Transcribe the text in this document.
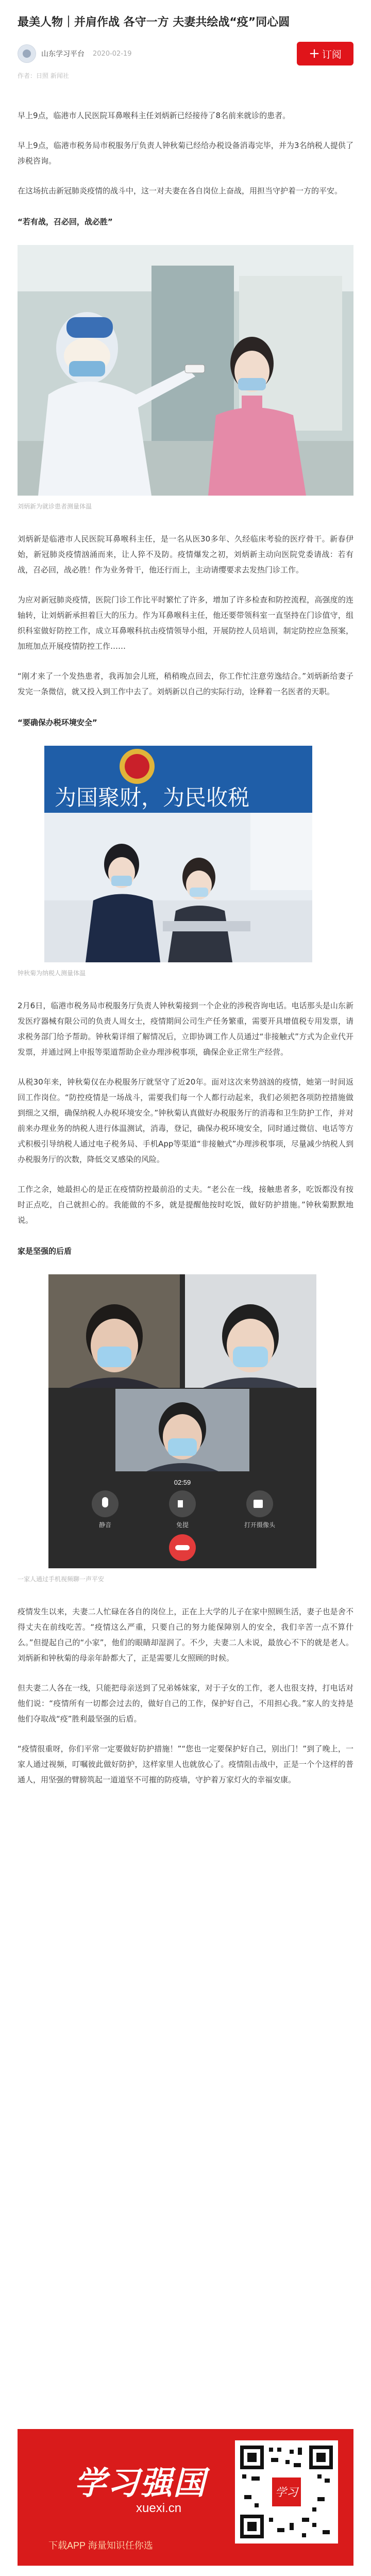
最美人物｜并肩作战 各守一方 夫妻共绘战“疫”同心圆
山东学习平台 2020-02-19	+ 订阅
作者：日照 新闻社

早上9点，临港市人民医院耳鼻喉科主任刘炳新已经接待了8名前来就诊的患者。

早上9点，临港市税务局市税服务厅负责人钟秋菊已经给办税设备消毒完毕，并为3名纳税人提供了涉税咨询。

在这场抗击新冠肺炎疫情的战斗中，这一对夫妻在各自岗位上奋战，用担当守护着一方的平安。

“若有战，召必回，战必胜”
刘炳新为就诊患者测量体温

刘炳新是临港市人民医院耳鼻喉科主任，是一名从医30多年、久经临床考验的医疗骨干。新春伊始，新冠肺炎疫情汹涌而来，让人猝不及防。疫情爆发之初，刘炳新主动向医院党委请战：若有战，召必回，战必胜！作为业务骨干，他还行而上，主动请缨要求去发热门诊工作。

为应对新冠肺炎疫情，医院门诊工作比平时繁忙了许多，增加了许多检查和防控流程，高强度的连轴转，让刘炳新承担着巨大的压力。作为耳鼻喉科主任，他还要带领科室一直坚持在门诊值守，组织科室做好防控工作，成立耳鼻喉科抗击疫情领导小组，开展防控人员培训，制定防控应急预案，加班加点开展疫情防控工作……

“刚才来了一个发热患者，我再加会儿班，稍稍晚点回去，你工作忙注意劳逸结合。”刘炳新给妻子发完一条微信，就又投入到工作中去了。刘炳新以自己的实际行动，诠释着一名医者的天职。

“要确保办税环境安全”
为国聚财，为民收税
钟秋菊为纳税人测量体温

2月6日，临港市税务局市税服务厅负责人钟秋菊接到一个企业的涉税咨询电话。电话那头是山东新发医疗器械有限公司的负责人周女士，疫情期间公司生产任务繁重，需要开具增值税专用发票，请求税务部门给予帮助。钟秋菊详细了解情况后，立即协调工作人员通过“非接触式”方式为企业代开发票，并通过网上申报等渠道帮助企业办理涉税事项，确保企业正常生产经营。

从税30年来，钟秋菊仅在办税服务厅就坚守了近20年。面对这次来势汹汹的疫情，她第一时间返回工作岗位。“防控疫情是一场战斗，需要我们每一个人都行动起来，我们必须把各项防控措施做到细之又细，确保纳税人办税环境安全。”钟秋菊认真做好办税服务厅的消毒和卫生防护工作，并对前来办理业务的纳税人进行体温测试，消毒，登记，确保办税环境安全，同时通过微信、电话等方式积极引导纳税人通过电子税务局、手机App等渠道“非接触式”办理涉税事项，尽量减少纳税人到办税服务厅的次数，降低交叉感染的风险。

工作之余，她最担心的是正在疫情防控最前沿的丈夫。“老公在一线，接触患者多，吃饭都没有按时正点吃，自己就担心的。我能做的不多，就是提醒他按时吃饭，做好防护措施。”钟秋菊默默地说。

家是坚强的后盾
02:59
静音	免提	打开摄像头
一家人通过手机视频聊一声平安

疫情发生以来，夫妻二人忙碌在各自的岗位上，正在上大学的儿子在家中照顾生活，妻子也是舍不得丈夫在前线吃苦。“疫情这么严重，只要自己的努力能保障别人的安全，我们辛苦一点不算什么。”但提起自己的“小家”，他们的眼睛却湿润了。不少，夫妻二人未说，最放心不下的就是老人。刘炳新和钟秋菊的母亲年龄都大了，正是需要儿女照顾的时候。

但夫妻二人各在一线，只能把母亲送到了兄弟姊妹家，对于子女的工作，老人也很支持，打电话对他们说：“疫情所有一切都会过去的，做好自己的工作，保护好自己，不用担心我。”家人的支持是他们夺取战“疫”胜利最坚强的后盾。

“疫情很重呀，你们平常一定要做好防护措施！”“您也一定要保护好自己，别出门！”到了晚上，一家人通过视频，叮嘱彼此做好防护，这样家里人也就放心了。疫情阻击战中，正是一个个这样的普通人，用坚强的臂膀筑起一道道坚不可摧的防疫墙，守护着万家灯火的幸福安康。

学习强国
xuexi.cn
下载APP 海量知识任你选
学习
